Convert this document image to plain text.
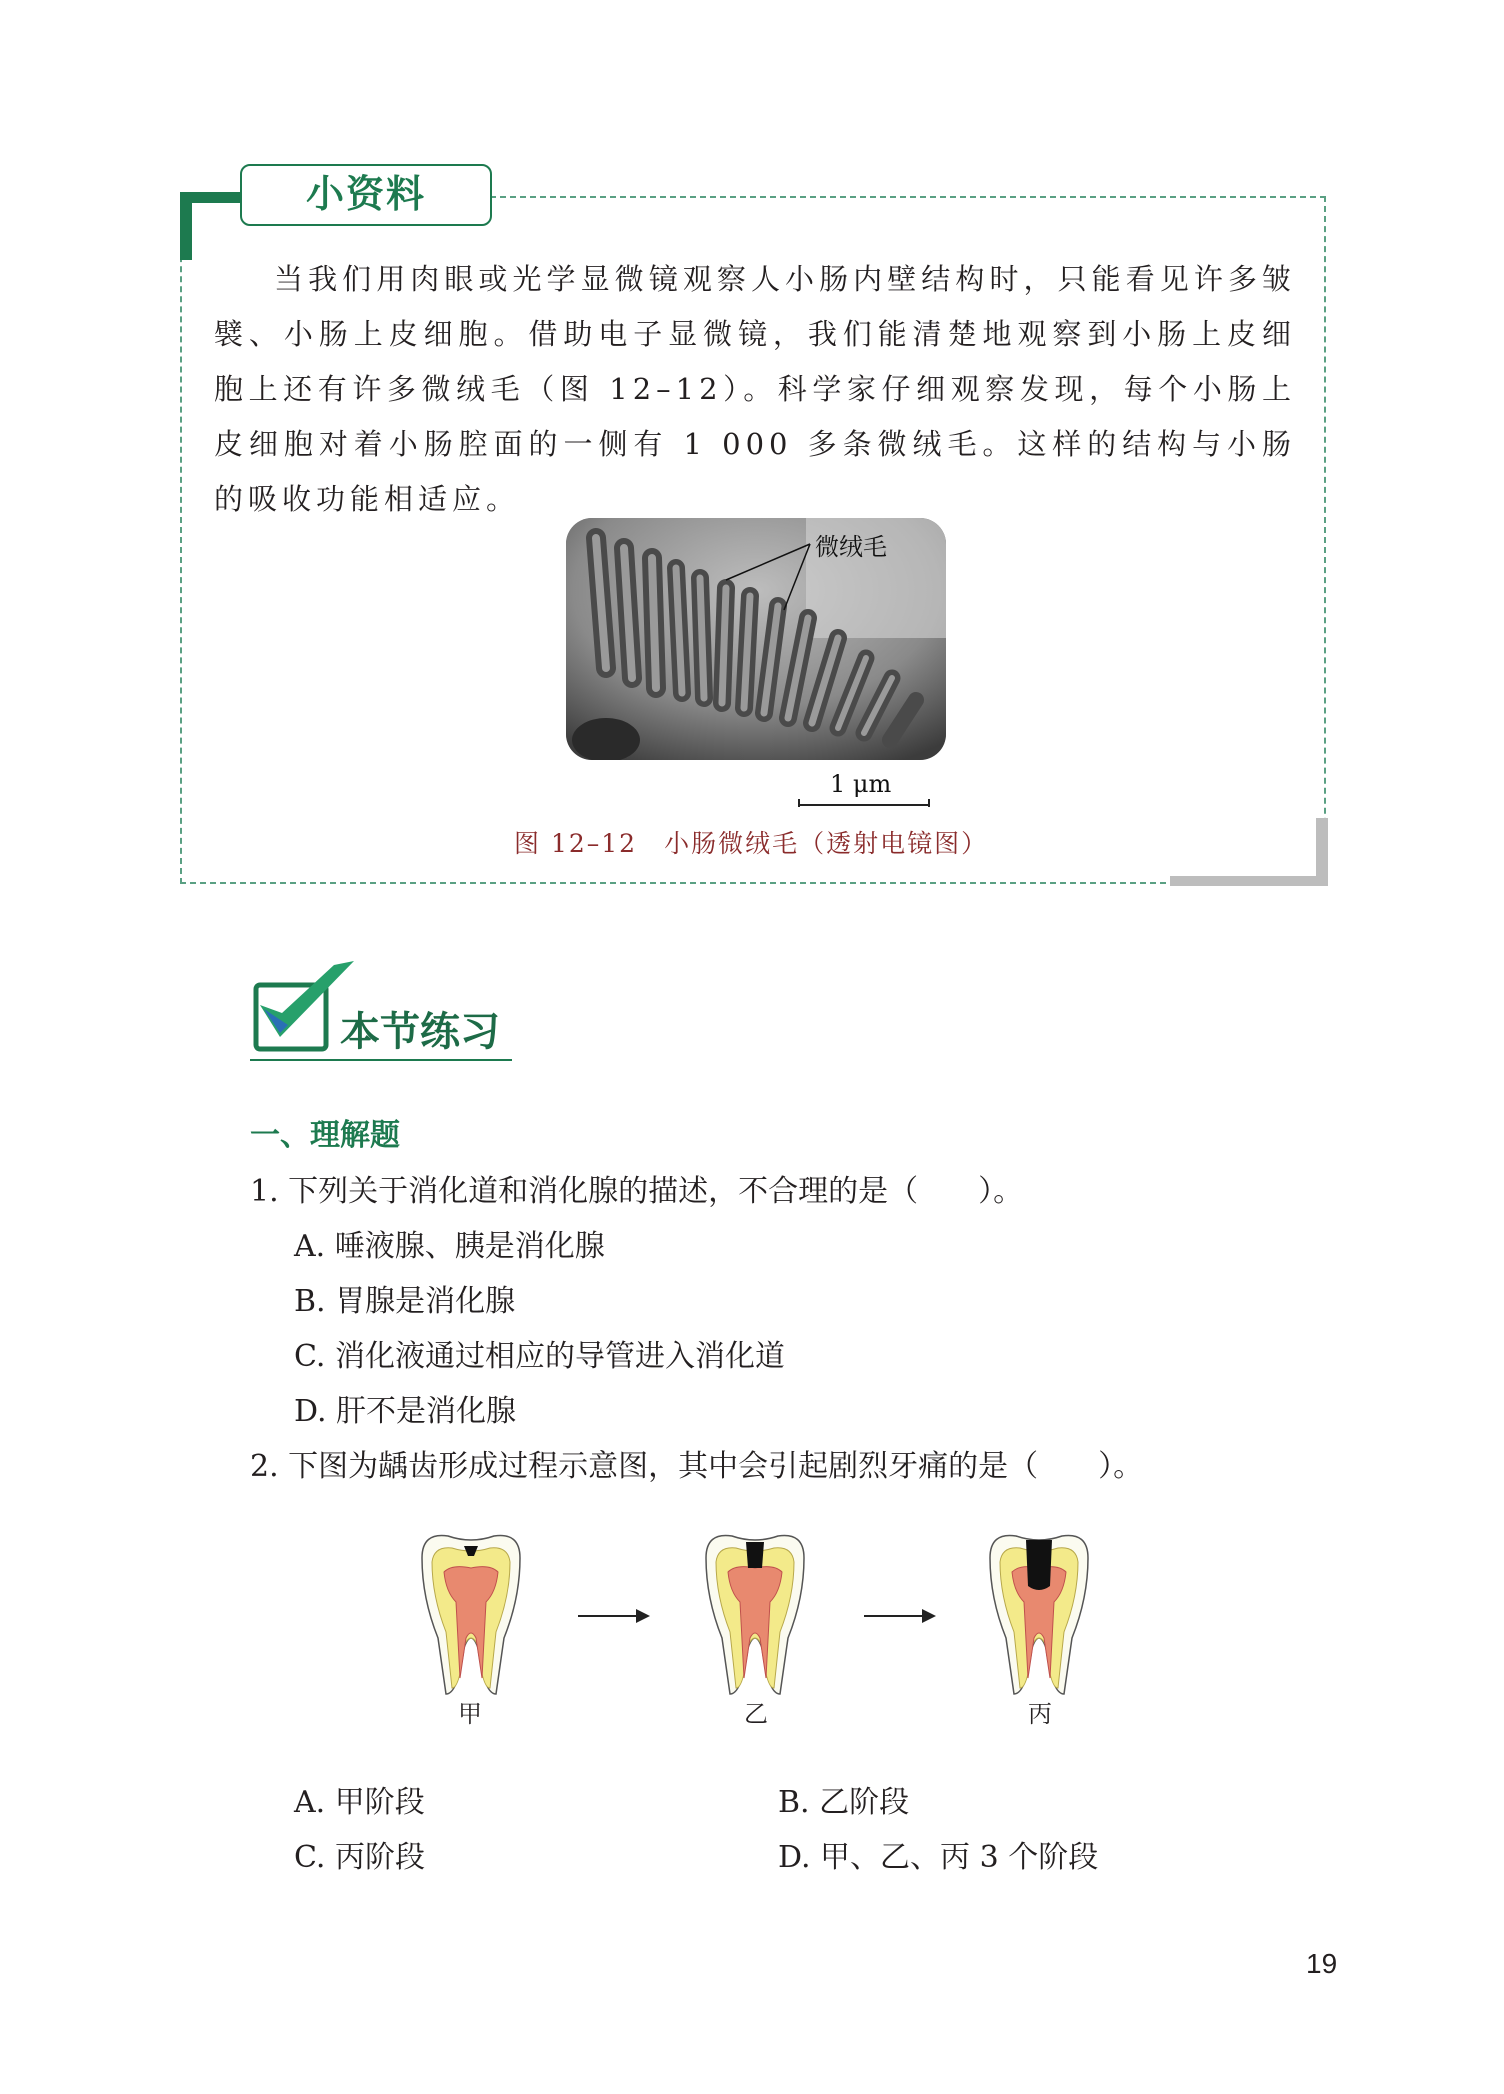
小资料

当我们用肉眼或光学显微镜观察人小肠内壁结构时，只能看见许多皱襞、小肠上皮细胞。借助电子显微镜，我们能清楚地观察到小肠上皮细胞上还有许多微绒毛（图 12–12）。科学家仔细观察发现，每个小肠上皮细胞对着小肠腔面的一侧有 1 000 多条微绒毛。这样的结构与小肠的吸收功能相适应。

微绒毛
1 μm
图 12–12　小肠微绒毛（透射电镜图）
本节练习
一、理解题
1. 下列关于消化道和消化腺的描述，不合理的是（　　）。
A. 唾液腺、胰是消化腺
B. 胃腺是消化腺
C. 消化液通过相应的导管进入消化道
D. 肝不是消化腺
2. 下图为龋齿形成过程示意图，其中会引起剧烈牙痛的是（　　）。
甲	乙	丙
A. 甲阶段	B. 乙阶段
C. 丙阶段	D. 甲、乙、丙 3 个阶段
19
